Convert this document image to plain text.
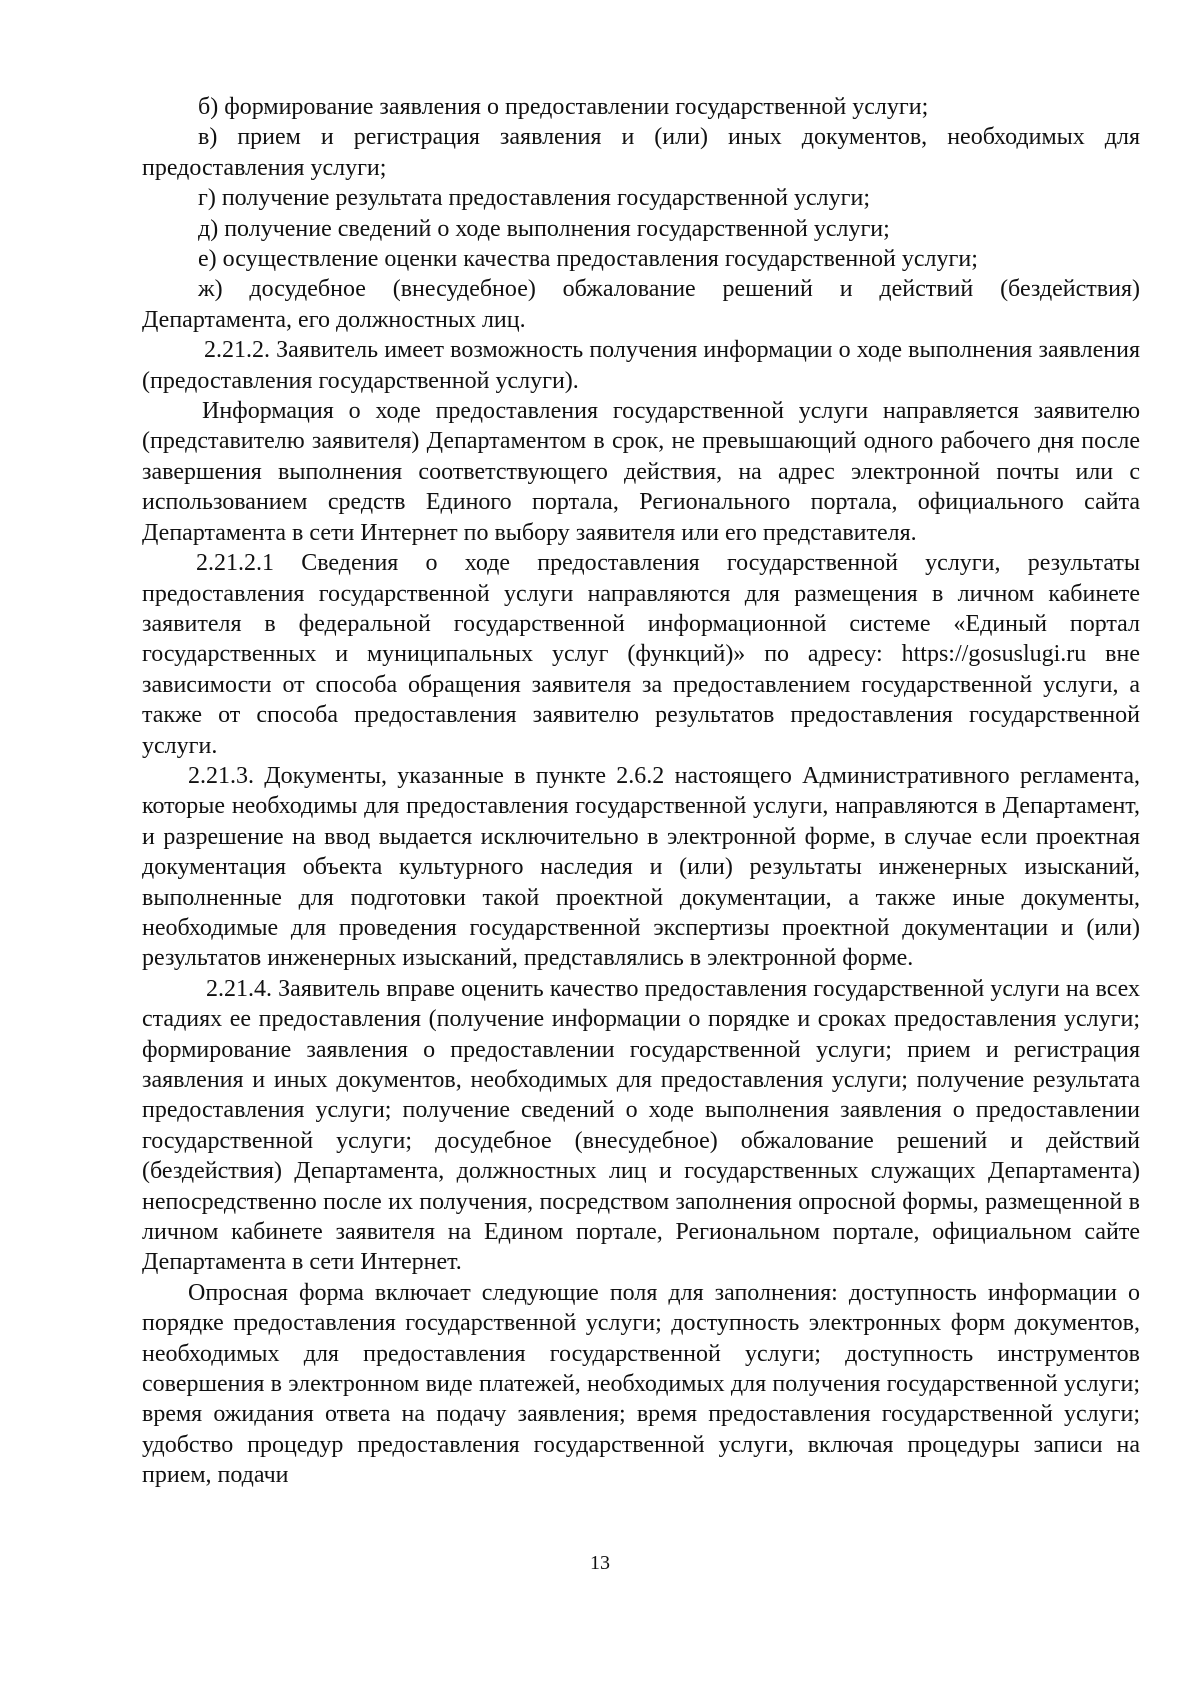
б) формирование заявления о предоставлении государственной услуги;

в) прием и регистрация заявления и (или) иных документов, необходимых для предоставления услуги;

г) получение результата предоставления государственной услуги;

д) получение сведений о ходе выполнения государственной услуги;

е) осуществление оценки качества предоставления государственной услуги;

ж) досудебное (внесудебное) обжалование решений и действий (бездействия) Департамента, его должностных лиц.

2.21.2. Заявитель имеет возможность получения информации о ходе выполнения заявления (предоставления государственной услуги).

Информация о ходе предоставления государственной услуги направляется заявителю (представителю заявителя) Департаментом в срок, не превышающий одного рабочего дня после завершения выполнения соответствующего действия, на адрес электронной почты или с использованием средств Единого портала, Регионального портала, официального сайта Департамента в сети Интернет по выбору заявителя или его представителя.

2.21.2.1 Сведения о ходе предоставления государственной услуги, результаты предоставления государственной услуги направляются для размещения в личном кабинете заявителя в федеральной государственной информационной системе «Единый портал государственных и муниципальных услуг (функций)» по адресу: https://gosuslugi.ru вне зависимости от способа обращения заявителя за предоставлением государственной услуги, а также от способа предоставления заявителю результатов предоставления государственной услуги.

2.21.3. Документы, указанные в пункте 2.6.2 настоящего Административного регламента, которые необходимы для предоставления государственной услуги, направляются в Департамент, и разрешение на ввод выдается исключительно в электронной форме, в случае если проектная документация объекта культурного наследия и (или) результаты инженерных изысканий, выполненные для подготовки такой проектной документации, а также иные документы, необходимые для проведения государственной экспертизы проектной документации и (или) результатов инженерных изысканий, представлялись в электронной форме.

2.21.4. Заявитель вправе оценить качество предоставления государственной услуги на всех стадиях ее предоставления (получение информации о порядке и сроках предоставления услуги; формирование заявления о предоставлении государственной услуги; прием и регистрация заявления и иных документов, необходимых для предоставления услуги; получение результата предоставления услуги; получение сведений о ходе выполнения заявления о предоставлении государственной услуги; досудебное (внесудебное) обжалование решений и действий (бездействия) Департамента, должностных лиц и государственных служащих Департамента) непосредственно после их получения, посредством заполнения опросной формы, размещенной в личном кабинете заявителя на Едином портале, Региональном портале, официальном сайте Департамента в сети Интернет.

Опросная форма включает следующие поля для заполнения: доступность информации о порядке предоставления государственной услуги; доступность электронных форм документов, необходимых для предоставления государственной услуги; доступность инструментов совершения в электронном виде платежей, необходимых для получения государственной услуги; время ожидания ответа на подачу заявления; время предоставления государственной услуги; удобство процедур предоставления государственной услуги, включая процедуры записи на прием, подачи

13
